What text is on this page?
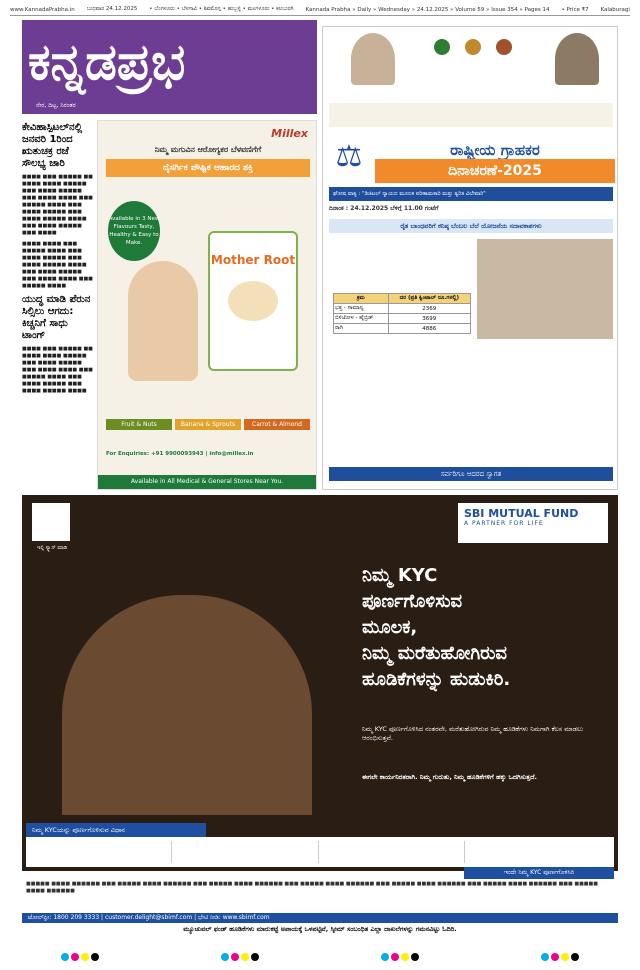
www.KannadaPrabha.in ಬುಧವಾರ 24.12.2025 • ಬೆಂಗಳೂರು • ಬೆಳಗಾವಿ • ಶಿವಮೊಗ್ಗ • ಹುಬ್ಬಳ್ಳಿ • ಮಂಗಳೂರು • ಕಲಬುರಗಿ Kannada Prabha » Daily » Wednesday » 24.12.2025 » Volume 59 » Issue 354 » Pages 14 • Price ₹7 Kalaburagi
ಕನ್ನಡಪ್ರಭ
ನೇರ, ದಿಟ್ಟ, ನಿರಂತರ
ಕೇವಿಹಾಸ್ಪಿಟಲ್‌ನಲ್ಲಿ ಜನವರಿ 1ರಿಂದ ಋತುಚಕ್ರ ರಜೆ ಸೌಲಭ್ಯ ಜಾರಿ

■■■■ ■■■ ■■■■■ ■■ ■■■■ ■■■■ ■■■■■ ■■■ ■■■■ ■■■■■ ■■■ ■■■■ ■■■■ ■■■ ■■■■■ ■■■■ ■■■ ■■■■ ■■■■■ ■■■ ■■■■ ■■■■■ ■■■■ ■■■ ■■■■ ■■■■■ ■■■ ■■■■

■■■■ ■■■■ ■■■ ■■■■■ ■■■■ ■■■ ■■■■ ■■■■■ ■■■ ■■■■ ■■■■■ ■■■■ ■■■ ■■■■ ■■■■■ ■■■ ■■■■ ■■■■ ■■■ ■■■■■ ■■■■

ಯುದ್ಧ ಮಾಡಿ ಪೆರುನ ಸಿಲ್ಸಿಲು ಆಗದು: ಕಿಚ್ಚನಿಗೆ ಸಾಧು ಟಾಂಗ್

■■■■ ■■■ ■■■■■ ■■ ■■■■ ■■■■ ■■■■■ ■■■ ■■■■ ■■■■■ ■■■ ■■■■ ■■■■ ■■■ ■■■■■ ■■■■ ■■■ ■■■■ ■■■■■ ■■■ ■■■■ ■■■■■ ■■■■

Millex
ನಿಮ್ಮ ಮಗುವಿನ ಆರೋಗ್ಯಕರ ಬೆಳವಣಿಗೆಗೆ
ನೈಸರ್ಗಿಕ ಪೌಷ್ಟಿಕ ಆಹಾರದ ಶಕ್ತಿ
Available in 3 New Flavours Tasty, Healthy & Easy to Make.
Mother Root
Fruit & Nuts	Banana & Sprouts	Carrot & Almond
For Enquiries: +91 9900093943 | info@millex.in
Available in All Medical & General Stores Near You.
ರಾಷ್ಟ್ರೀಯ ಗ್ರಾಹಕರ
ದಿನಾಚರಣೆ-2025
⚖
ಘೋಷ ವಾಕ್ಯ : "ಡಿಜಿಟಲ್ ನ್ಯಾಯದ ಮೂಲಕ ಪರಿಣಾಮಕಾರಿ ಮತ್ತು ತ್ವರಿತ ವಿಲೇವಾರಿ"
ದಿನಾಂಕ : 24.12.2025 ಬೆಳಿಗ್ಗೆ 11.00 ಗಂಟೆಗೆ
ರೈತ ಬಾಂಧವರಿಗೆ ಕನಿಷ್ಠ ಬೆಂಬಲ ಬೆಲೆ ಯೋಜನೆಯ ಸದಾವಕಾಶಗಳು
ಕ್ರಮ	ದರ (ಪ್ರತಿ ಕ್ವಿಂಟಾಲ್ ರೂ.ಗಳಲ್ಲಿ)
ಭತ್ತ - ಸಾಮಾನ್ಯ	2369
ಬಿಳಿಜೋಳ - ಹೈಬ್ರಿಡ್	3699
ರಾಗಿ	4886
ಸರ್ವರಿಗೂ ಆದರದ ಸ್ವಾಗತ
ಇಲ್ಲಿ ಸ್ಕ್ಯಾನ್ ಮಾಡಿ
SBI MUTUAL FUND
A PARTNER FOR LIFE
ನಿಮ್ಮ KYC
ಪೂರ್ಣಗೊಳಿಸುವ
ಮೂಲಕ,
ನಿಮ್ಮ ಮರೆತುಹೋಗಿರುವ
ಹೂಡಿಕೆಗಳನ್ನು ಹುಡುಕಿರಿ.
ನಿಮ್ಮ KYC ಪೂರ್ಣಗೊಳಿಸಿದ ನಂತರವೇ, ಮರೆತುಹೋಗಿರುವ ನಿಮ್ಮ ಹೂಡಿಕೆಗಳು ನಿಮಗಾಗಿ ಕೆಲಸ ಮಾಡಲು ಆರಂಭಿಸುತ್ತವೆ.
ಈಗಲೇ ಕಾರ್ಯನಿರತರಾಗಿ. ನಿಮ್ಮ ಗುರುತು, ನಿಮ್ಮ ಹೂಡಿಕೆಗಳಿಗೆ ಹಕ್ಕು ಒದಗಿಸುತ್ತದೆ.
ನಿಮ್ಮ KYCಯನ್ನು ಪೂರ್ಣಗೊಳಿಸುವ ವಿಧಾನ
ಇಂದೇ ನಿಮ್ಮ KYC ಪೂರ್ಣಗೊಳಿಸಿರಿ
■■■■■ ■■■■ ■■■■■■ ■■■ ■■■■■ ■■■■ ■■■■■■ ■■■ ■■■■■ ■■■■ ■■■■■■ ■■■ ■■■■■ ■■■■ ■■■■■■ ■■■ ■■■■■ ■■■■ ■■■■■■ ■■■ ■■■■■ ■■■■ ■■■■■■ ■■■ ■■■■■ ■■■■ ■■■■■■
ಟೋಲ್‌ಫ್ರೀ: 1800 209 3333 | customer.delight@sbimf.com | ಭೇಟಿ ನೀಡಿ: www.sbimf.com
ಮ್ಯೂಚುವಲ್ ಫಂಡ್ ಹೂಡಿಕೆಗಳು ಮಾರುಕಟ್ಟೆ ಅಪಾಯಕ್ಕೆ ಒಳಪಟ್ಟಿವೆ, ಸ್ಕೀಮ್ ಸಂಬಂಧಿತ ಎಲ್ಲಾ ದಾಖಲೆಗಳನ್ನು ಗಮನವಿಟ್ಟು ಓದಿರಿ.
